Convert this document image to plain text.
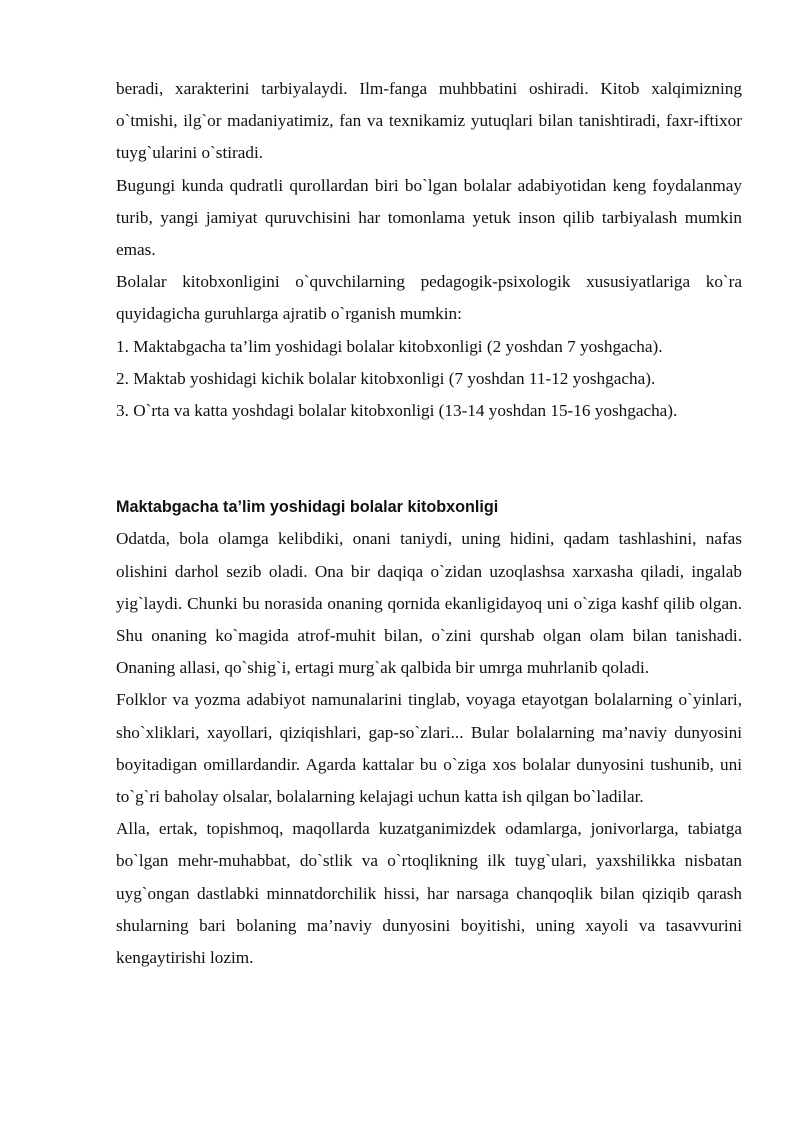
beradi, xarakterini tarbiyalaydi. Ilm-fanga muhbbatini oshiradi. Kitob xalqimizning o`tmishi, ilg`or madaniyatimiz, fan va texnikamiz yutuqlari bilan tanishtiradi, faxr-iftixor tuyg`ularini o`stiradi.

Bugungi kunda qudratli qurollardan biri bo`lgan bolalar adabiyotidan keng foydalanmay turib, yangi jamiyat quruvchisini har tomonlama yetuk inson qilib tarbiyalash mumkin emas.

Bolalar kitobxonligini o`quvchilarning pedagogik-psixologik xususiyatlariga ko`ra quyidagicha guruhlarga ajratib o`rganish mumkin:

1. Maktabgacha ta’lim yoshidagi bolalar kitobxonligi (2 yoshdan 7 yoshgacha).

2. Maktab yoshidagi kichik bolalar kitobxonligi (7 yoshdan 11-12 yoshgacha).

3. O`rta va katta yoshdagi bolalar kitobxonligi (13-14 yoshdan 15-16 yoshgacha).

Maktabgacha ta’lim yoshidagi bolalar kitobxonligi

Odatda, bola olamga kelibdiki, onani taniydi, uning hidini, qadam tashlashini, nafas olishini darhol sezib oladi. Ona bir daqiqa o`zidan uzoqlashsa xarxasha qiladi, ingalab yig`laydi. Chunki bu norasida onaning qornida ekanligidayoq uni o`ziga kashf qilib olgan. Shu onaning ko`magida atrof-muhit bilan, o`zini qurshab olgan olam bilan tanishadi. Onaning allasi, qo`shig`i, ertagi murg`ak qalbida bir umrga muhrlanib qoladi.

Folklor va yozma adabiyot namunalarini tinglab, voyaga etayotgan bolalarning o`yinlari, sho`xliklari, xayollari, qiziqishlari, gap-so`zlari... Bular bolalarning ma’naviy dunyosini boyitadigan omillardandir. Agarda kattalar bu o`ziga xos bolalar dunyosini tushunib, uni to`g`ri baholay olsalar, bolalarning kelajagi uchun katta ish qilgan bo`ladilar.

Alla, ertak, topishmoq, maqollarda kuzatganimizdek odamlarga, jonivorlarga, tabiatga bo`lgan mehr-muhabbat, do`stlik va o`rtoqlikning ilk tuyg`ulari, yaxshilikka nisbatan uyg`ongan dastlabki minnatdorchilik hissi, har narsaga chanqoqlik bilan qiziqib qarash shularning bari bolaning ma’naviy dunyosini boyitishi, uning xayoli va tasavvurini kengaytirishi lozim.
